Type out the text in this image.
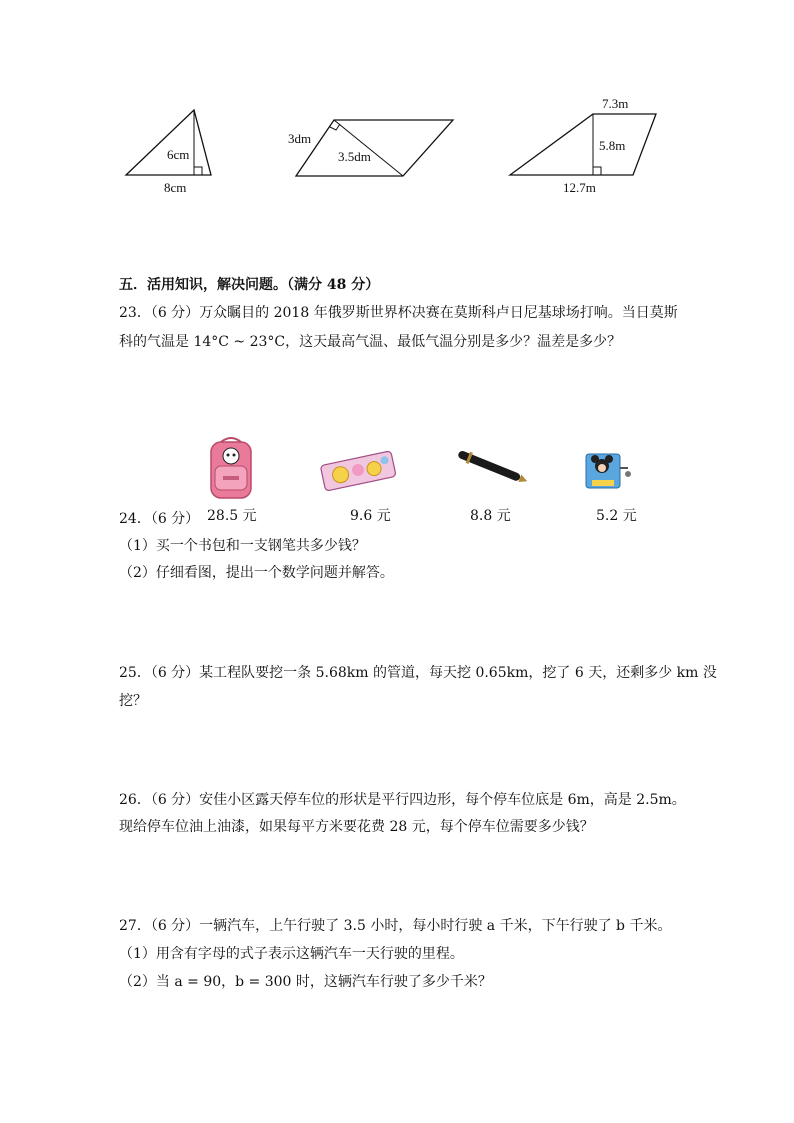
6cm
8cm
3dm
3.5dm
7.3m
5.8m
12.7m
五．活用知识，解决问题。（满分 48 分）
23．（6 分）万众瞩目的 2018 年俄罗斯世界杯决赛在莫斯科卢日尼基球场打响。当日莫斯
科的气温是 14°C ~ 23°C，这天最高气温、最低气温分别是多少？温差是多少？
24．（6 分） 28.5 元	9.6 元	8.8 元	5.2 元
（1）买一个书包和一支钢笔共多少钱？
（2）仔细看图，提出一个数学问题并解答。
25．（6 分）某工程队要挖一条 5.68km 的管道，每天挖 0.65km，挖了 6 天，还剩多少 km 没
挖？
26．（6 分）安佳小区露天停车位的形状是平行四边形，每个停车位底是 6m，高是 2.5m。
现给停车位油上油漆，如果每平方米要花费 28 元，每个停车位需要多少钱？
27．（6 分）一辆汽车，上午行驶了 3.5 小时，每小时行驶 a 千米，下午行驶了 b 千米。
（1）用含有字母的式子表示这辆汽车一天行驶的里程。
（2）当 a = 90，b = 300 时，这辆汽车行驶了多少千米？
